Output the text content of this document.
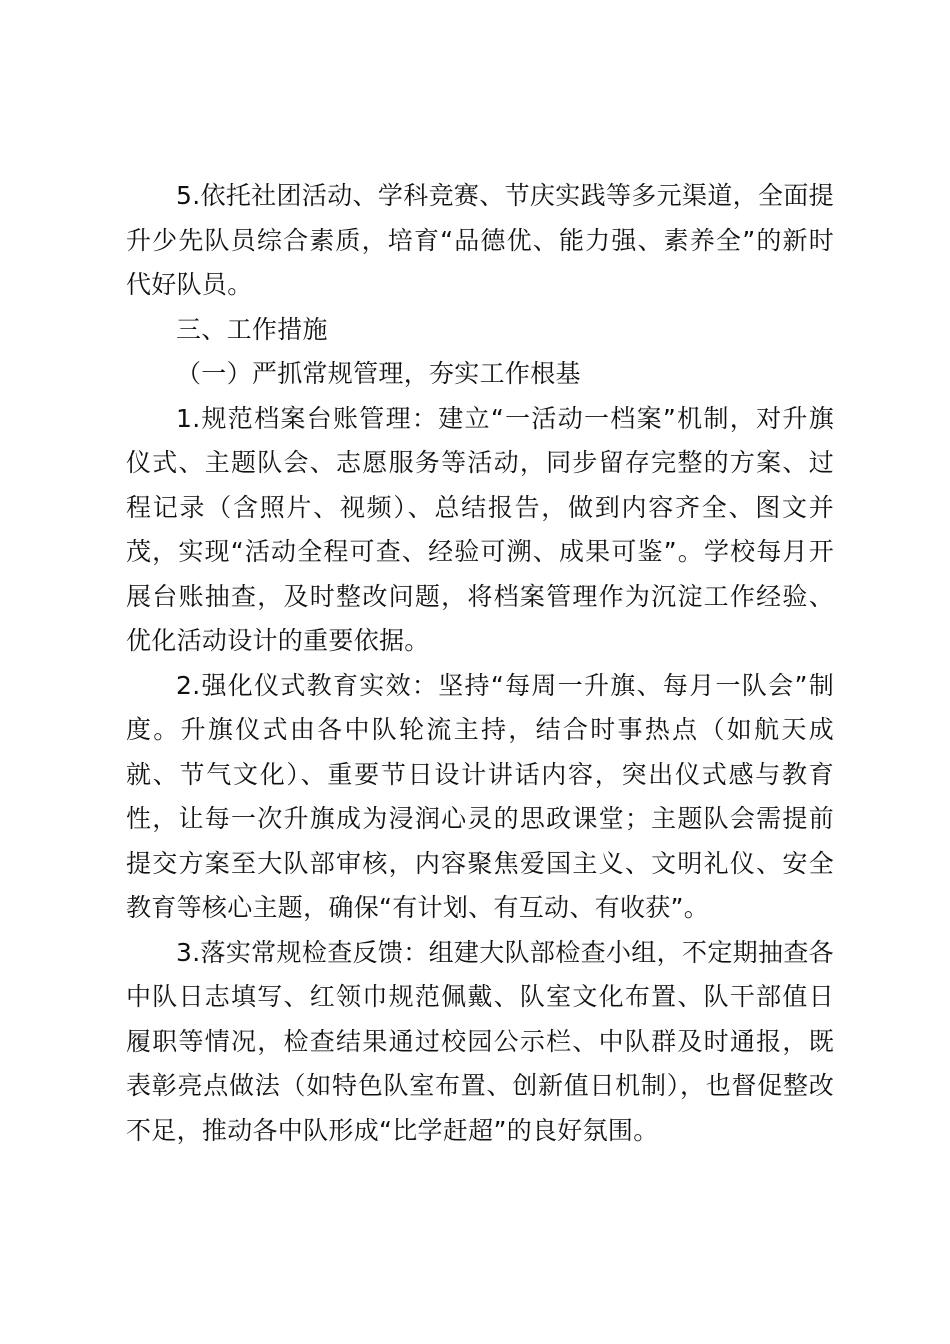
5.依托社团活动、学科竞赛、节庆实践等多元渠道，全面提升少先队员综合素质，培育“品德优、能力强、素养全”的新时代好队员。

三、工作措施

（一）严抓常规管理，夯实工作根基

1.规范档案台账管理：建立“一活动一档案”机制，对升旗仪式、主题队会、志愿服务等活动，同步留存完整的方案、过程记录（含照片、视频）、总结报告，做到内容齐全、图文并茂，实现“活动全程可查、经验可溯、成果可鉴”。学校每月开展台账抽查，及时整改问题，将档案管理作为沉淀工作经验、优化活动设计的重要依据。

2.强化仪式教育实效：坚持“每周一升旗、每月一队会”制度。升旗仪式由各中队轮流主持，结合时事热点（如航天成就、节气文化）、重要节日设计讲话内容，突出仪式感与教育性，让每一次升旗成为浸润心灵的思政课堂；主题队会需提前提交方案至大队部审核，内容聚焦爱国主义、文明礼仪、安全教育等核心主题，确保“有计划、有互动、有收获”。

3.落实常规检查反馈：组建大队部检查小组，不定期抽查各中队日志填写、红领巾规范佩戴、队室文化布置、队干部值日履职等情况，检查结果通过校园公示栏、中队群及时通报，既表彰亮点做法（如特色队室布置、创新值日机制），也督促整改不足，推动各中队形成“比学赶超”的良好氛围。
